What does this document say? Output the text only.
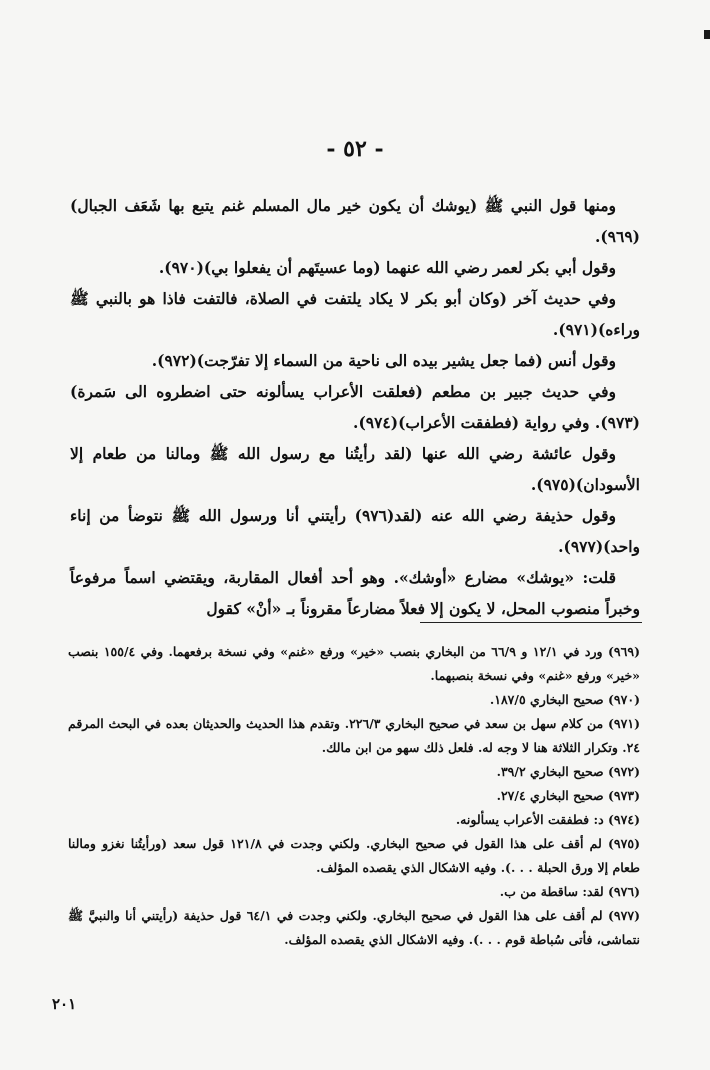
- ٥٢ -

ومنها قول النبي ﷺ (يوشك أن يكون خير مال المسلم غنم يتبع بها شَعَف الجبال)(٩٦٩).

وقول أبي بكر لعمر رضي الله عنهما (وما عسيتَهم أن يفعلوا بي)(٩٧٠).

وفي حديث آخر (وكان أبو بكر لا يكاد يلتفت في الصلاة، فالتفت فاذا هو بالنبي ﷺ وراءه)(٩٧١).

وقول أنس (فما جعل يشير بيده الى ناحية من السماء إلا تفرّجت)(٩٧٢).

وفي حديث جبير بن مطعم (فعلقت الأعراب يسألونه حتى اضطروه الى سَمرة)(٩٧٣). وفي رواية (فطفقت الأعراب)(٩٧٤).

وقول عائشة رضي الله عنها (لقد رأيتُنا مع رسول الله ﷺ ومالنا من طعام إلا الأسودان)(٩٧٥).

وقول حذيفة رضي الله عنه (لقد(٩٧٦) رأيتني أنا ورسول الله ﷺ نتوضأ من إناء واحد)(٩٧٧).

قلت: «يوشك» مضارع «أوشك». وهو أحد أفعال المقاربة، ويقتضي اسماً مرفوعاً وخبراً منصوب المحل، لا يكون إلا فعلاً مضارعاً مقروناً بـ «أنْ» كقول

(٩٦٩) ورد في ١٢/١ و ٦٦/٩ من البخاري بنصب «خير» ورفع «غنم» وفي نسخة برفعهما. وفي ١٥٥/٤ بنصب «خير» ورفع «غنم» وفي نسخة بنصبهما.

(٩٧٠) صحيح البخاري ١٨٧/٥.

(٩٧١) من كلام سهل بن سعد في صحيح البخاري ٢٢٦/٣. وتقدم هذا الحديث والحديثان بعده في البحث المرقم ٢٤. وتكرار الثلاثة هنا لا وجه له. فلعل ذلك سهو من ابن مالك.

(٩٧٢) صحيح البخاري ٣٩/٢.

(٩٧٣) صحيح البخاري ٢٧/٤.

(٩٧٤) د: فطفقت الأعراب يسألونه.

(٩٧٥) لم أقف على هذا القول في صحيح البخاري. ولكني وجدت في ١٢١/٨ قول سعد (ورأيتُنا نغزو ومالنا طعام إلا ورق الحبلة . . .). وفيه الاشكال الذي يقصده المؤلف.

(٩٧٦) لقد: ساقطة من ب.

(٩٧٧) لم أقف على هذا القول في صحيح البخاري. ولكني وجدت في ٦٤/١ قول حذيفة (رأيتني أنا والنبيَّ ﷺ نتماشى، فأتى سُباطة قوم . . .). وفيه الاشكال الذي يقصده المؤلف.

٢٠١
